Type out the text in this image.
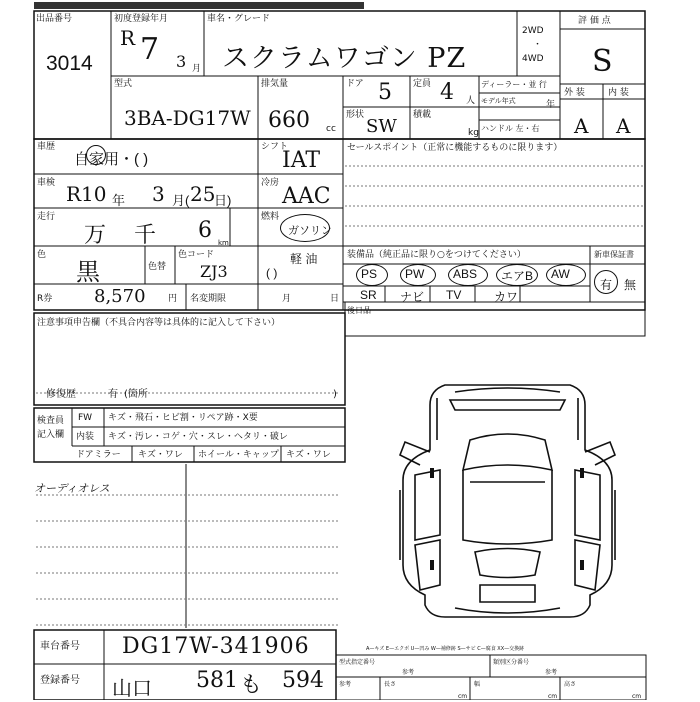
出品番号
3014
初度登録年月
R 7 3 月
車名・グレード
スクラムワゴン PZ
2WD
・
4WD
評 価 点
S
型式
3BA-DG17W
排気量
660 cc
ドア 5 定員 4 人
ディーラー・並 行
モデル年式	年
形状
SW
積載
kg ハンドル 左・右
外 装	内 装
A A
車歴
自家用・( )
シフト
IAT
車検 R10 年 3 月( 25
日)
冷房
AAC
走行
万 千 6 km
燃料
ガソリン
軽 油
( )
色
黒	色替
色コード
ZJ3
R券 8,570 円 名変期限	月	日
セールスポイント（正常に機能するものに限ります）
装備品（純正品に限り○をつけてください）	新車保証書
PS PW ABS エアB AW
SR ナビ TV	カワ
有 無
後日品
注意事項申告欄（不具合内容等は具体的に記入して下さい）
修復歴	有 (箇所	)
検査員
記入欄
FW キズ・飛石・ヒビ割・リペア跡・X要
内装 キズ・汚レ・コゲ・穴・スレ・ヘタリ・破レ
ドアミラー キズ・ワレ ホイール・キャップ キズ・ワレ
オーディオレス
車台番号 DG17W-341906
登録番号 山口 581 も 594
A—キズ E—エクボ U—凹み W—補修跡 S—サビ C—腐食 XX—交換跡
型式指定番号
参考
類別区分番号
参考
参考	長さ
cm
幅
cm
高さ
cm
